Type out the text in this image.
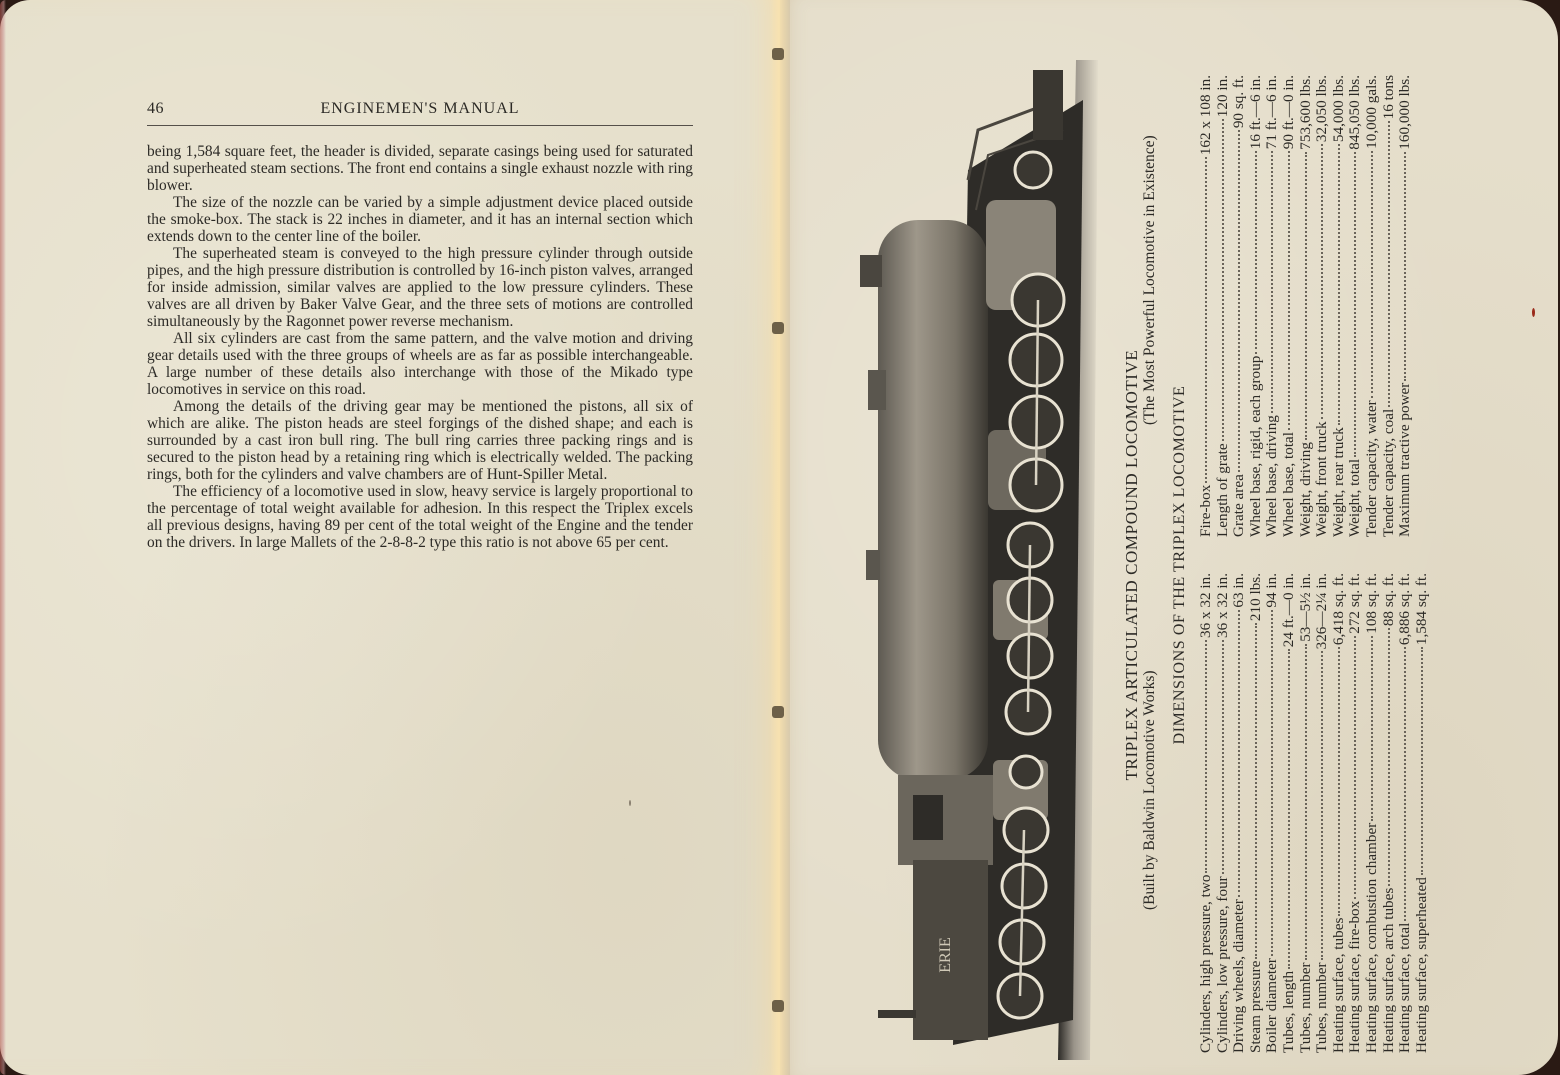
46	ENGINEMEN'S MANUAL

being 1,584 square feet, the header is divided, separate casings being used for saturated and superheated steam sections. The front end contains a single exhaust nozzle with ring blower.

The size of the nozzle can be varied by a simple adjustment device placed outside the smoke-box. The stack is 22 inches in diameter, and it has an internal section which extends down to the center line of the boiler.

The superheated steam is conveyed to the high pressure cylinder through outside pipes, and the high pressure distribution is controlled by 16-inch piston valves, arranged for inside admission, similar valves are applied to the low pressure cylinders. These valves are all driven by Baker Valve Gear, and the three sets of motions are controlled simultaneously by the Ragonnet power reverse mechanism.

All six cylinders are cast from the same pattern, and the valve motion and driving gear details used with the three groups of wheels are as far as possible interchangeable. A large number of these details also interchange with those of the Mikado type locomotives in service on this road.

Among the details of the driving gear may be mentioned the pistons, all six of which are alike. The piston heads are steel forgings of the dished shape; and each is surrounded by a cast iron bull ring. The bull ring carries three packing rings and is secured to the piston head by a retaining ring which is electrically welded. The packing rings, both for the cylinders and valve chambers are of Hunt-Spiller Metal.

The efficiency of a locomotive used in slow, heavy service is largely proportional to the percentage of total weight available for adhesion. In this respect the Triplex excels all previous designs, having 89 per cent of the total weight of the Engine and the tender on the drivers. In large Mallets of the 2-8-8-2 type this ratio is not above 65 per cent.

ERIE
TRIPLEX ARTICULATED COMPOUND LOCOMOTIVE
(Built by Baldwin Locomotive Works)
(The Most Powerful Locomotive in Existence)
DIMENSIONS OF THE TRIPLEX LOCOMOTIVE
Cylinders, high pressure, two
36 x 32 in.
Cylinders, low pressure, four
36 x 32 in.
Driving wheels, diameter
63 in.
Steam pressure
210 lbs.
Boiler diameter
94 in.
Tubes, length
24 ft.—0 in.
Tubes, number
53—5½ in.
Tubes, number
326—2¼ in.
Heating surface, tubes
6,418 sq. ft.
Heating surface, fire-box
272 sq. ft.
Heating surface, combustion chamber
108 sq. ft.
Heating surface, arch tubes
88 sq. ft.
Heating surface, total
6,886 sq. ft.
Heating surface, superheated
1,584 sq. ft.
Fire-box
162 x 108 in.
Length of grate
120 in.
Grate area
90 sq. ft.
Wheel base, rigid, each group
16 ft.—6 in.
Wheel base, driving
71 ft.—6 in.
Wheel base, total
90 ft.—0 in.
Weight, driving
753,600 lbs.
Weight, front truck
32,050 lbs.
Weight, rear truck
54,000 lbs.
Weight, total
845,050 lbs.
Tender capacity, water
10,000 gals.
Tender capacity, coal
16 tons
Maximum tractive power
160,000 lbs.
